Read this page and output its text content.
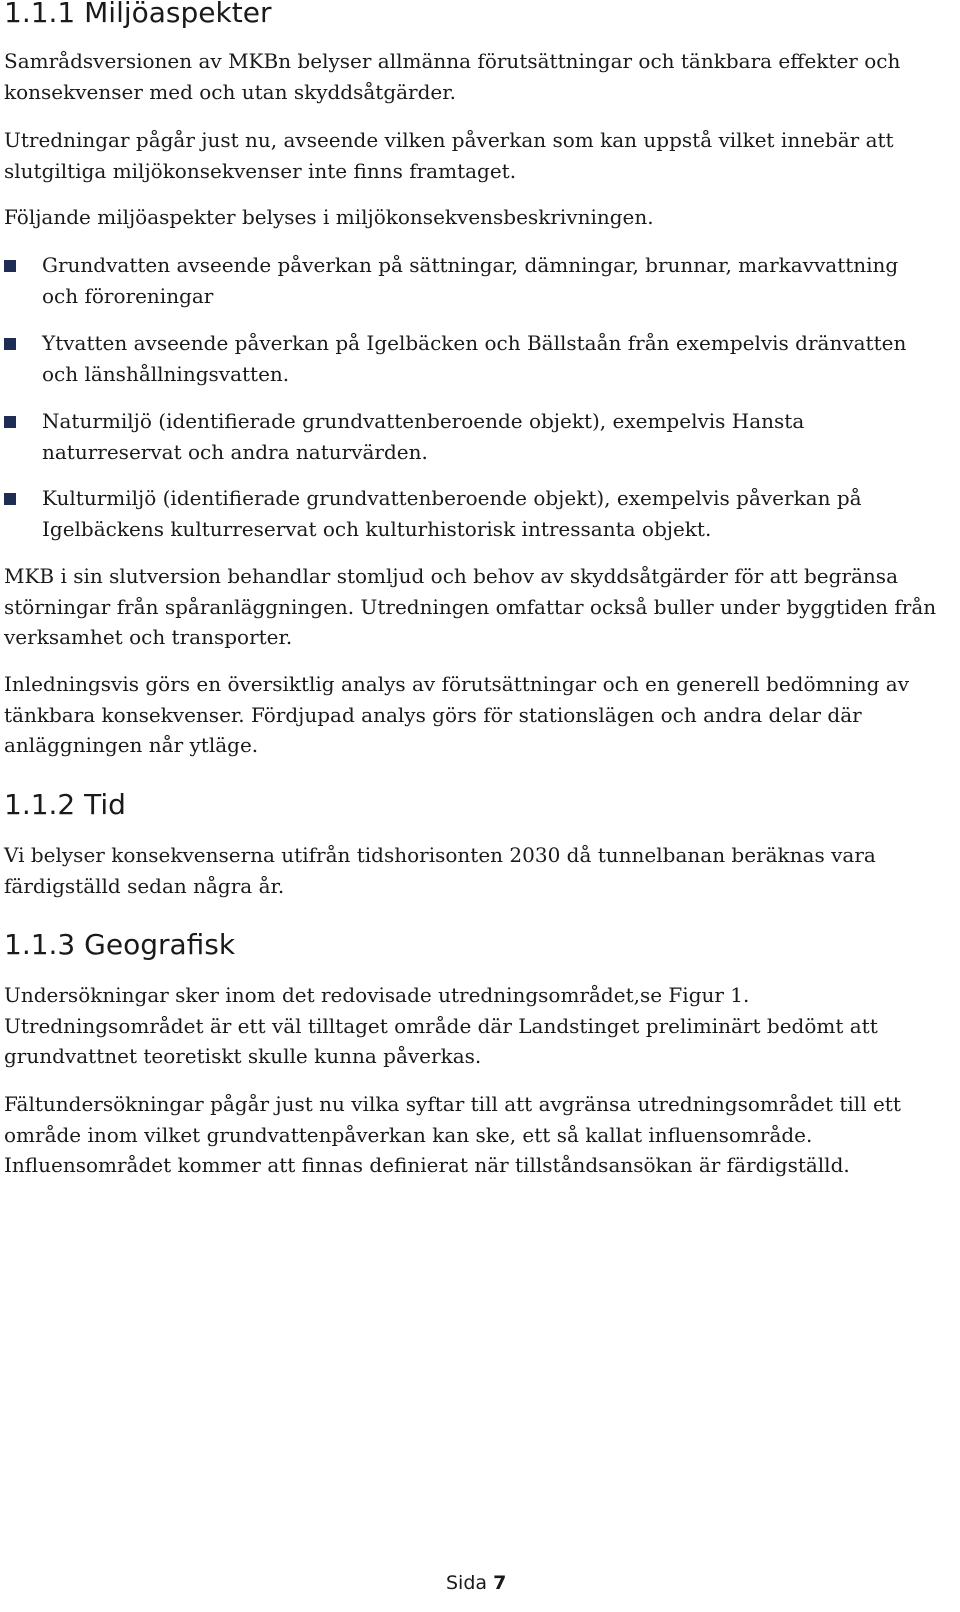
1.1.1 Miljöaspekter

Samrådsversionen av MKBn belyser allmänna förutsättningar och tänkbara effekter och konsekvenser med och utan skyddsåtgärder.

Utredningar pågår just nu, avseende vilken påverkan som kan uppstå vilket innebär att slutgiltiga miljökonsekvenser inte finns framtaget.

Följande miljöaspekter belyses i miljökonsekvensbeskrivningen.

Grundvatten avseende påverkan på sättningar, dämningar, brunnar, markavvattning och föroreningar
Ytvatten avseende påverkan på Igelbäcken och Bällstaån från exempelvis dränvatten och länshållningsvatten.
Naturmiljö (identifierade grundvattenberoende objekt), exempelvis Hansta naturreservat och andra naturvärden.
Kulturmiljö (identifierade grundvattenberoende objekt), exempelvis påverkan på Igelbäckens kulturreservat och kulturhistorisk intressanta objekt.

MKB i sin slutversion behandlar stomljud och behov av skyddsåtgärder för att begränsa störningar från spåranläggningen. Utredningen omfattar också buller under byggtiden från verksamhet och transporter.

Inledningsvis görs en översiktlig analys av förutsättningar och en generell bedömning av tänkbara konsekvenser. Fördjupad analys görs för stationslägen och andra delar där anläggningen når ytläge.

1.1.2 Tid

Vi belyser konsekvenserna utifrån tidshorisonten 2030 då tunnelbanan beräknas vara färdigställd sedan några år.

1.1.3 Geografisk

Undersökningar sker inom det redovisade utredningsområdet,se Figur 1. Utredningsområdet är ett väl tilltaget område där Landstinget preliminärt bedömt att grundvattnet teoretiskt skulle kunna påverkas.

Fältundersökningar pågår just nu vilka syftar till att avgränsa utredningsområdet till ett område inom vilket grundvattenpåverkan kan ske, ett så kallat influensområde. Influensområdet kommer att finnas definierat när tillståndsansökan är färdigställd.

Sida 7
